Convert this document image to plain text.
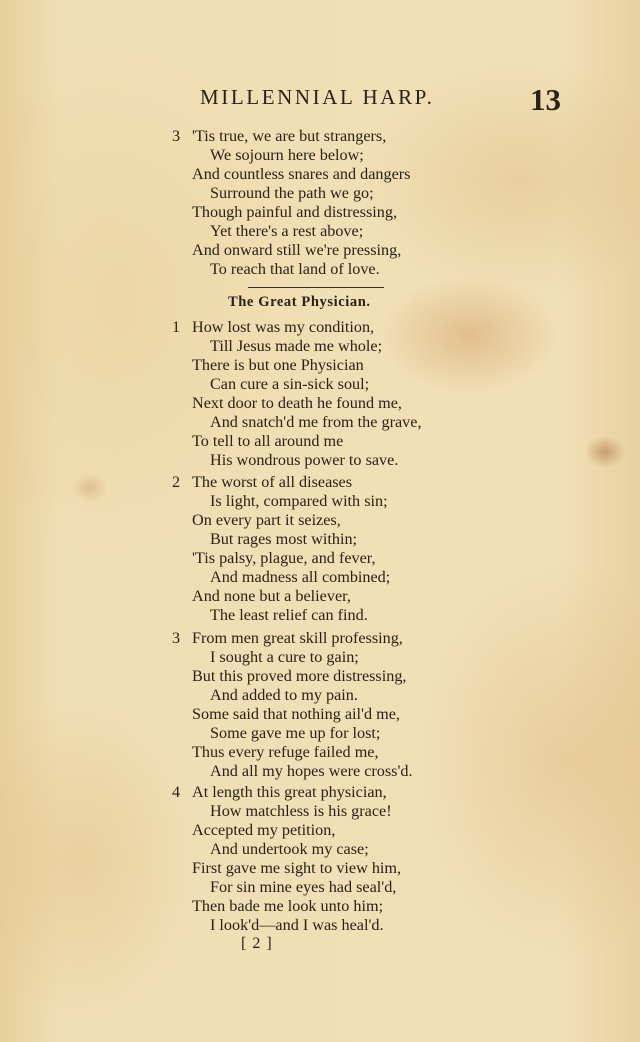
MILLENNIAL HARP.	13
3 'Tis true, we are but strangers,
We sojourn here below;
And countless snares and dangers
Surround the path we go;
Though painful and distressing,
Yet there's a rest above;
And onward still we're pressing,
To reach that land of love.
The Great Physician.
1 How lost was my condition,
Till Jesus made me whole;
There is but one Physician
Can cure a sin-sick soul;
Next door to death he found me,
And snatch'd me from the grave,
To tell to all around me
His wondrous power to save.
2 The worst of all diseases
Is light, compared with sin;
On every part it seizes,
But rages most within;
'Tis palsy, plague, and fever,
And madness all combined;
And none but a believer,
The least relief can find.
3 From men great skill professing,
I sought a cure to gain;
But this proved more distressing,
And added to my pain.
Some said that nothing ail'd me,
Some gave me up for lost;
Thus every refuge failed me,
And all my hopes were cross'd.
4 At length this great physician,
How matchless is his grace!
Accepted my petition,
And undertook my case;
First gave me sight to view him,
For sin mine eyes had seal'd,
Then bade me look unto him;
I look'd—and I was heal'd.
[ 2 ]
